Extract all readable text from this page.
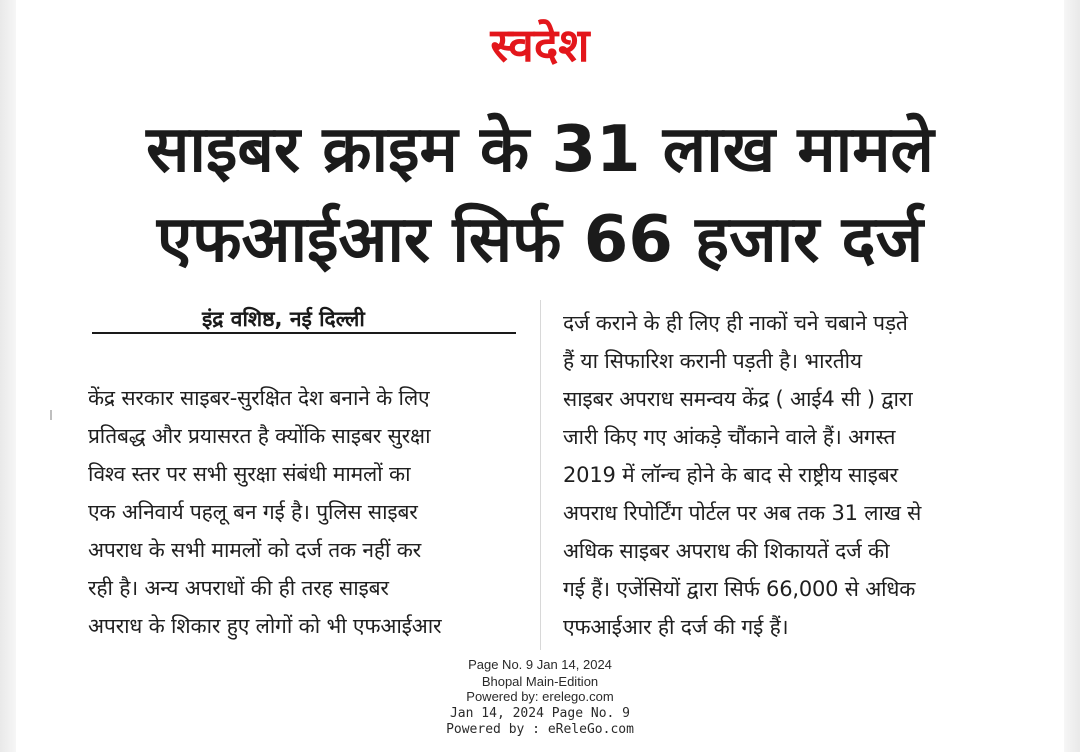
स्वदेश
साइबर क्राइम के 31 लाख मामले
एफआईआर सिर्फ 66 हजार दर्ज
इंद्र वशिष्ठ, नई दिल्ली
केंद्र सरकार साइबर-सुरक्षित देश बनाने के लिए
प्रतिबद्ध और प्रयासरत है क्योंकि साइबर सुरक्षा
विश्व स्तर पर सभी सुरक्षा संबंधी मामलों का
एक अनिवार्य पहलू बन गई है। पुलिस साइबर
अपराध के सभी मामलों को दर्ज तक नहीं कर
रही है। अन्य अपराधों की ही तरह साइबर
अपराध के शिकार हुए लोगों को भी एफआईआर
दर्ज कराने के ही लिए ही नाकों चने चबाने पड़ते
हैं या सिफारिश करानी पड़ती है। भारतीय
साइबर अपराध समन्वय केंद्र ( आई4 सी ) द्वारा
जारी किए गए आंकड़े चौंकाने वाले हैं। अगस्त
2019 में लॉन्च होने के बाद से राष्ट्रीय साइबर
अपराध रिपोर्टिंग पोर्टल पर अब तक 31 लाख से
अधिक साइबर अपराध की शिकायतें दर्ज की
गई हैं। एजेंसियों द्वारा सिर्फ 66,000 से अधिक
एफआईआर ही दर्ज की गई हैं।
Page No. 9 Jan 14, 2024
Bhopal Main-Edition
Powered by: erelego.com
Jan 14, 2024 Page No. 9
Powered by : eReleGo.com
